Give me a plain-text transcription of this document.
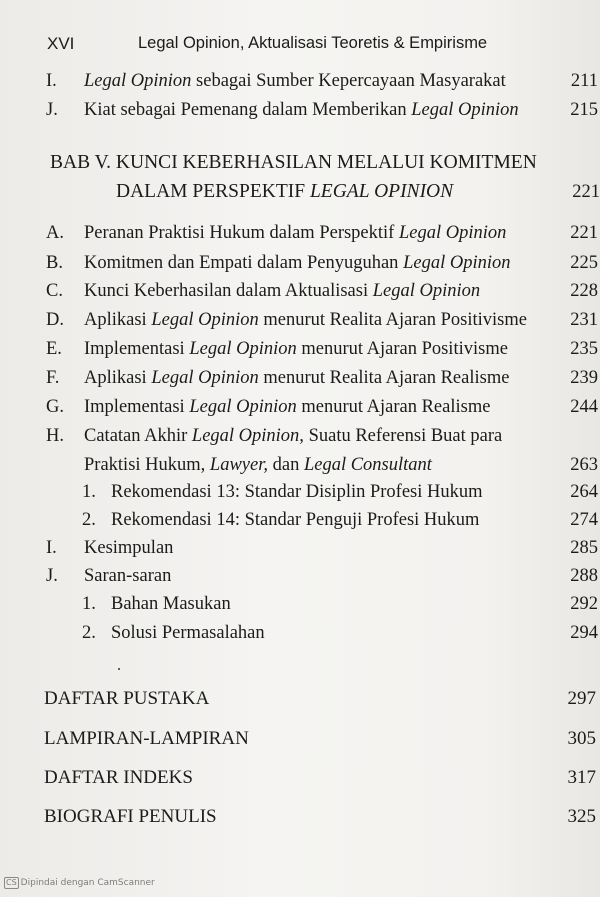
XVI	Legal Opinion, Aktualisasi Teoretis & Empirisme
I. Legal Opinion sebagai Sumber Kepercayaan Masyarakat	211
J. Kiat sebagai Pemenang dalam Memberikan Legal Opinion	215
BAB V. KUNCI KEBERHASILAN MELALUI KOMITMEN
DALAM PERSPEKTIF LEGAL OPINION	221
A. Peranan Praktisi Hukum dalam Perspektif Legal Opinion	221
B. Komitmen dan Empati dalam Penyuguhan Legal Opinion	225
C. Kunci Keberhasilan dalam Aktualisasi Legal Opinion	228
D. Aplikasi Legal Opinion menurut Realita Ajaran Positivisme	231
E. Implementasi Legal Opinion menurut Ajaran Positivisme	235
F. Aplikasi Legal Opinion menurut Realita Ajaran Realisme	239
G. Implementasi Legal Opinion menurut Ajaran Realisme	244
H. Catatan Akhir Legal Opinion, Suatu Referensi Buat para
Praktisi Hukum, Lawyer, dan Legal Consultant	263
1. Rekomendasi 13: Standar Disiplin Profesi Hukum	264
2. Rekomendasi 14: Standar Penguji Profesi Hukum	274
I. Kesimpulan	285
J. Saran-saran	288
1. Bahan Masukan	292
2. Solusi Permasalahan	294
DAFTAR PUSTAKA	297
LAMPIRAN-LAMPIRAN	305
DAFTAR INDEKS	317
BIOGRAFI PENULIS	325
CS Dipindai dengan CamScanner
